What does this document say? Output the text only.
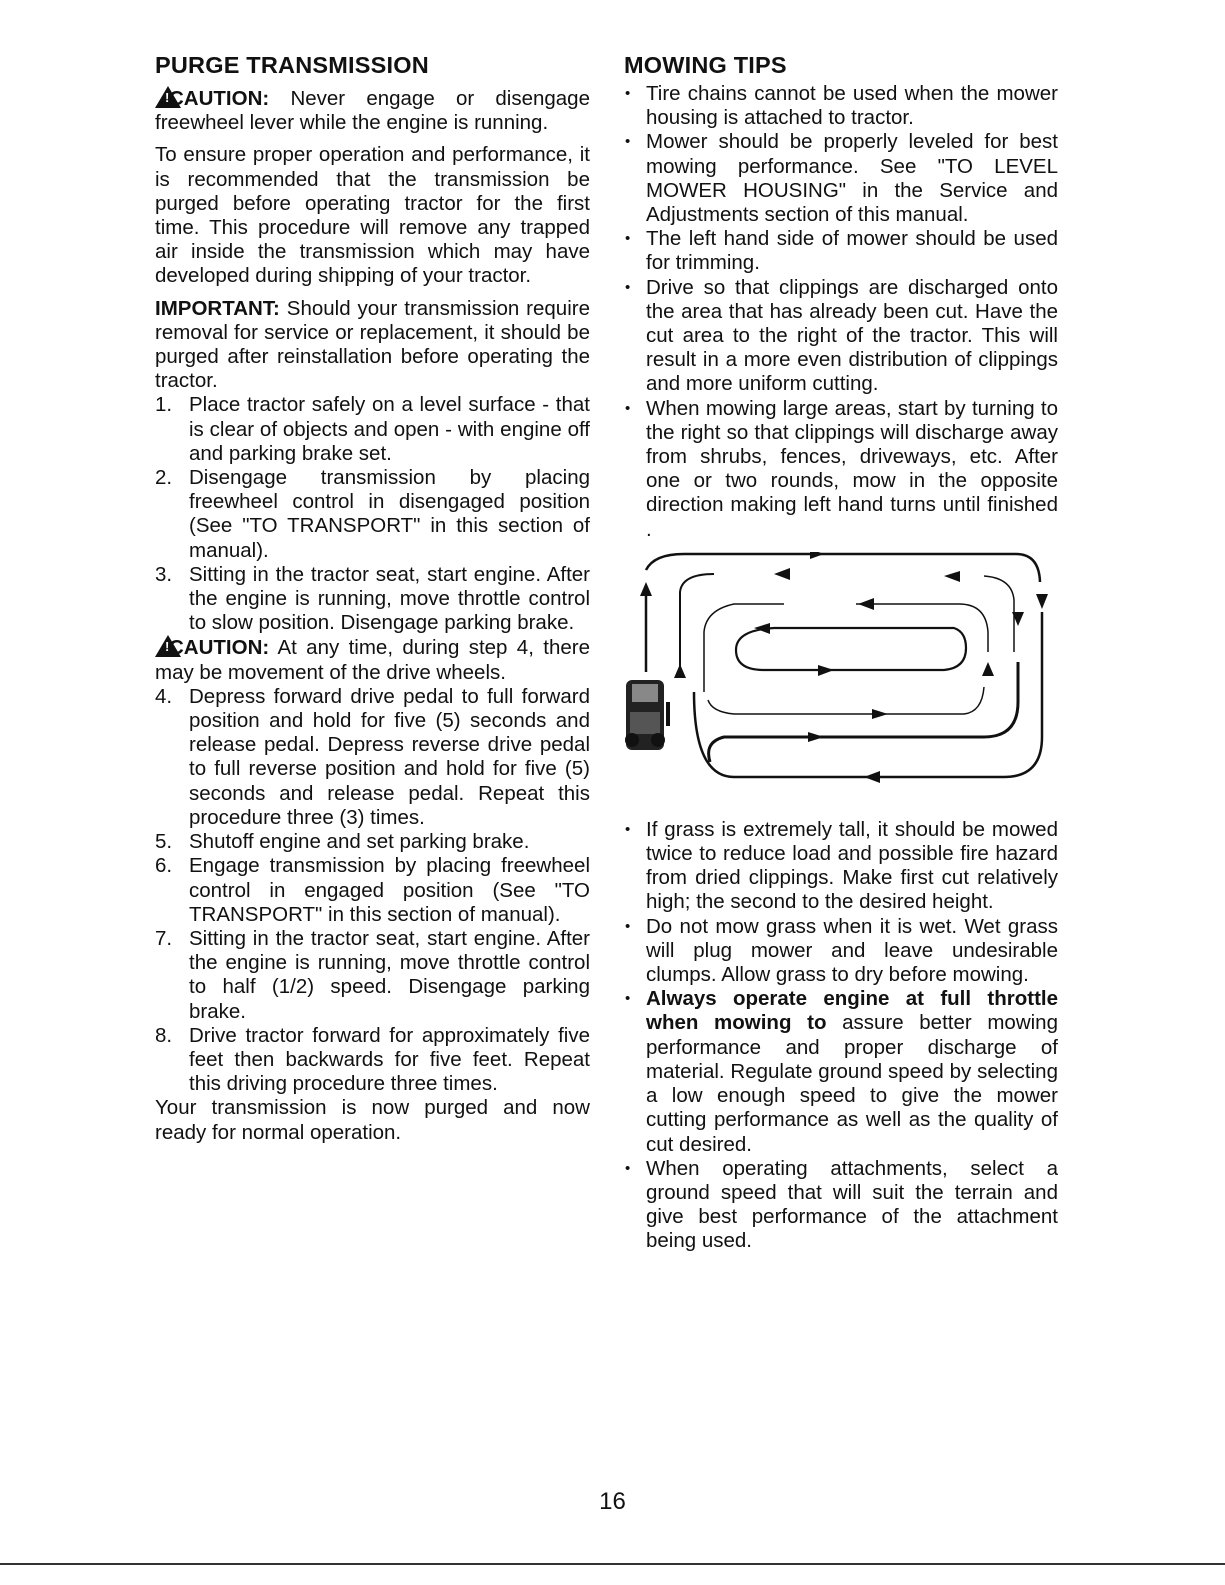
PURGE TRANSMISSION

!CAUTION: Never engage or disengage freewheel lever while the engine is running.

To ensure proper operation and performance, it is recommended that the transmission be purged before operating tractor for the first time. This procedure will remove any trapped air inside the transmission which may have developed during shipping of your tractor.

IMPORTANT: Should your transmission require removal for service or replacement, it should be purged after reinstallation before operating the tractor.

1. Place tractor safely on a level surface - that is clear of objects and open - with engine off and parking brake set.
2. Disengage transmission by placing freewheel control in disengaged position (See "TO TRANSPORT" in this section of manual).
3. Sitting in the tractor seat, start engine. After the engine is running, move throttle control to slow position. Disengage parking brake.

!CAUTION: At any time, during step 4, there may be movement of the drive wheels.

4. Depress forward drive pedal to full forward position and hold for five (5) seconds and release pedal. Depress reverse drive pedal to full reverse position and hold for five (5) seconds and release pedal. Repeat this procedure three (3) times.
5. Shutoff engine and set parking brake.
6. Engage transmission by placing freewheel control in engaged position (See "TO TRANSPORT" in this section of manual).
7. Sitting in the tractor seat, start engine. After the engine is running, move throttle control to half (1/2) speed. Disengage parking brake.
8. Drive tractor forward for approximately five feet then backwards for five feet. Repeat this driving procedure three times.

Your transmission is now purged and now ready for normal operation.

MOWING TIPS
• Tire chains cannot be used when the mower housing is attached to tractor.
• Mower should be properly leveled for best mowing performance. See "TO LEVEL MOWER HOUSING" in the Service and Adjustments section of this manual.
• The left hand side of mower should be used for trimming.
• Drive so that clippings are discharged onto the area that has already been cut. Have the cut area to the right of the tractor. This will result in a more even distribution of clippings and more uniform cutting.
• When mowing large areas, start by turning to the right so that clippings will discharge away from shrubs, fences, driveways, etc. After one or two rounds, mow in the opposite direction making left hand turns until finished .
• If grass is extremely tall, it should be mowed twice to reduce load and possible fire hazard from dried clippings. Make first cut relatively high; the second to the desired height.
• Do not mow grass when it is wet. Wet grass will plug mower and leave undesirable clumps. Allow grass to dry before mowing.
• Always operate engine at full throttle when mowing to assure better mowing performance and proper discharge of material. Regulate ground speed by selecting a low enough speed to give the mower cutting performance as well as the quality of cut desired.
• When operating attachments, select a ground speed that will suit the terrain and give best performance of the attachment being used.
16
